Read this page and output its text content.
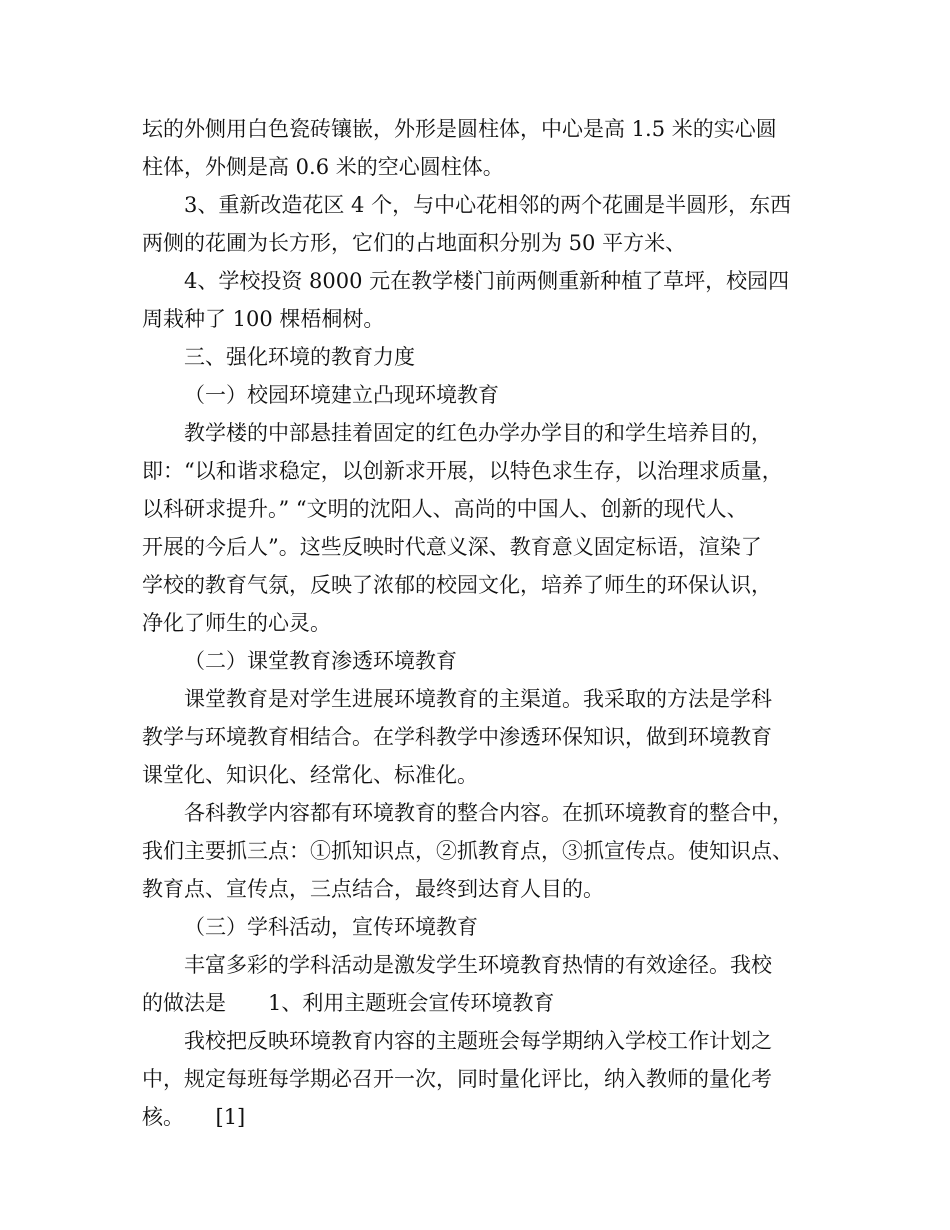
坛的外侧用白色瓷砖镶嵌，外形是圆柱体，中心是高 1.5 米的实心圆
柱体，外侧是高 0.6 米的空心圆柱体。
3、重新改造花区 4 个，与中心花相邻的两个花圃是半圆形，东西
两侧的花圃为长方形，它们的占地面积分别为 50 平方米、
4、学校投资 8000 元在教学楼门前两侧重新种植了草坪，校园四
周栽种了 100 棵梧桐树。
三、强化环境的教育力度
（一）校园环境建立凸现环境教育
教学楼的中部悬挂着固定的红色办学办学目的和学生培养目的，
即：“以和谐求稳定，以创新求开展，以特色求生存，以治理求质量，
以科研求提升。” “文明的沈阳人、高尚的中国人、创新的现代人、
开展的今后人”。这些反映时代意义深、教育意义固定标语，渲染了
学校的教育气氛，反映了浓郁的校园文化，培养了师生的环保认识，
净化了师生的心灵。
（二）课堂教育渗透环境教育
课堂教育是对学生进展环境教育的主渠道。我采取的方法是学科
教学与环境教育相结合。在学科教学中渗透环保知识，做到环境教育
课堂化、知识化、经常化、标准化。
各科教学内容都有环境教育的整合内容。在抓环境教育的整合中，
我们主要抓三点：①抓知识点，②抓教育点，③抓宣传点。使知识点、
教育点、宣传点，三点结合，最终到达育人目的。
（三）学科活动，宣传环境教育
丰富多彩的学科活动是激发学生环境教育热情的有效途径。我校
的做法是　　1、利用主题班会宣传环境教育
我校把反映环境教育内容的主题班会每学期纳入学校工作计划之
中，规定每班每学期必召开一次，同时量化评比，纳入教师的量化考
核。　　[1]
